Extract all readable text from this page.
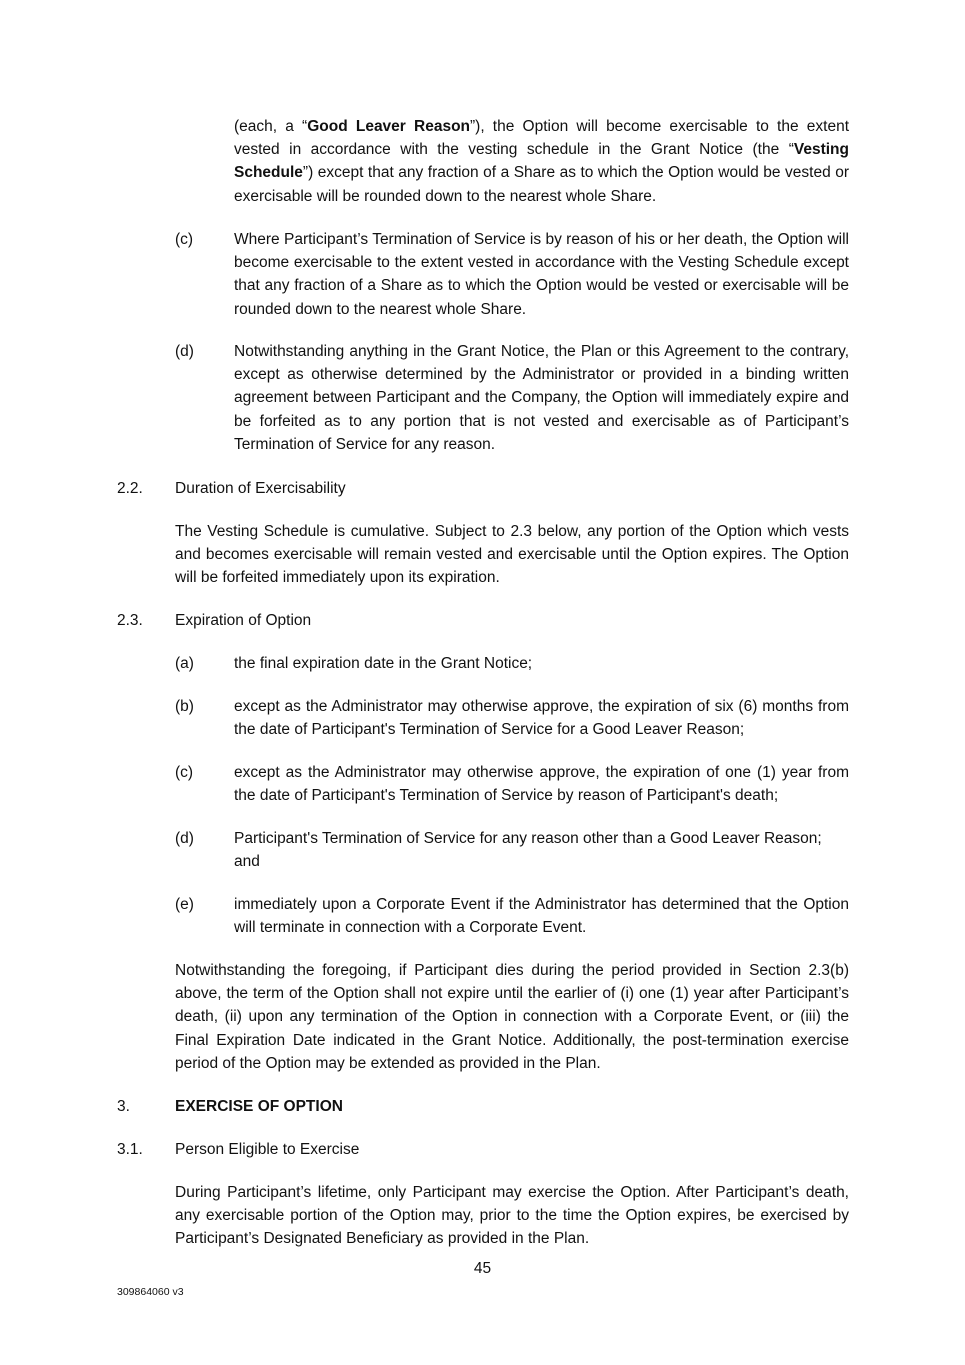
(each, a “Good Leaver Reason”), the Option will become exercisable to the extent vested in accordance with the vesting schedule in the Grant Notice (the “Vesting Schedule”) except that any fraction of a Share as to which the Option would be vested or exercisable will be rounded down to the nearest whole Share.

(c)	Where Participant’s Termination of Service is by reason of his or her death, the Option will become exercisable to the extent vested in accordance with the Vesting Schedule except that any fraction of a Share as to which the Option would be vested or exercisable will be rounded down to the nearest whole Share.

(d)	Notwithstanding anything in the Grant Notice, the Plan or this Agreement to the contrary, except as otherwise determined by the Administrator or provided in a binding written agreement between Participant and the Company, the Option will immediately expire and be forfeited as to any portion that is not vested and exercisable as of Participant’s Termination of Service for any reason.

2.2. Duration of Exercisability

The Vesting Schedule is cumulative. Subject to 2.3 below, any portion of the Option which vests and becomes exercisable will remain vested and exercisable until the Option expires. The Option will be forfeited immediately upon its expiration.

2.3. Expiration of Option
(a)	the final expiration date in the Grant Notice;

(b)	except as the Administrator may otherwise approve, the expiration of six (6) months from the date of Participant's Termination of Service for a Good Leaver Reason;

(c)	except as the Administrator may otherwise approve, the expiration of one (1) year from the date of Participant's Termination of Service by reason of Participant's death;

(d)	Participant's Termination of Service for any reason other than a Good Leaver Reason; and

(e)	immediately upon a Corporate Event if the Administrator has determined that the Option will terminate in connection with a Corporate Event.

Notwithstanding the foregoing, if Participant dies during the period provided in Section 2.3(b) above, the term of the Option shall not expire until the earlier of (i) one (1) year after Participant’s death, (ii) upon any termination of the Option in connection with a Corporate Event, or (iii) the Final Expiration Date indicated in the Grant Notice. Additionally, the post-termination exercise period of the Option may be extended as provided in the Plan.

3.	EXERCISE OF OPTION
3.1. Person Eligible to Exercise

During Participant’s lifetime, only Participant may exercise the Option. After Participant’s death, any exercisable portion of the Option may, prior to the time the Option expires, be exercised by Participant’s Designated Beneficiary as provided in the Plan.

45
309864060 v3
